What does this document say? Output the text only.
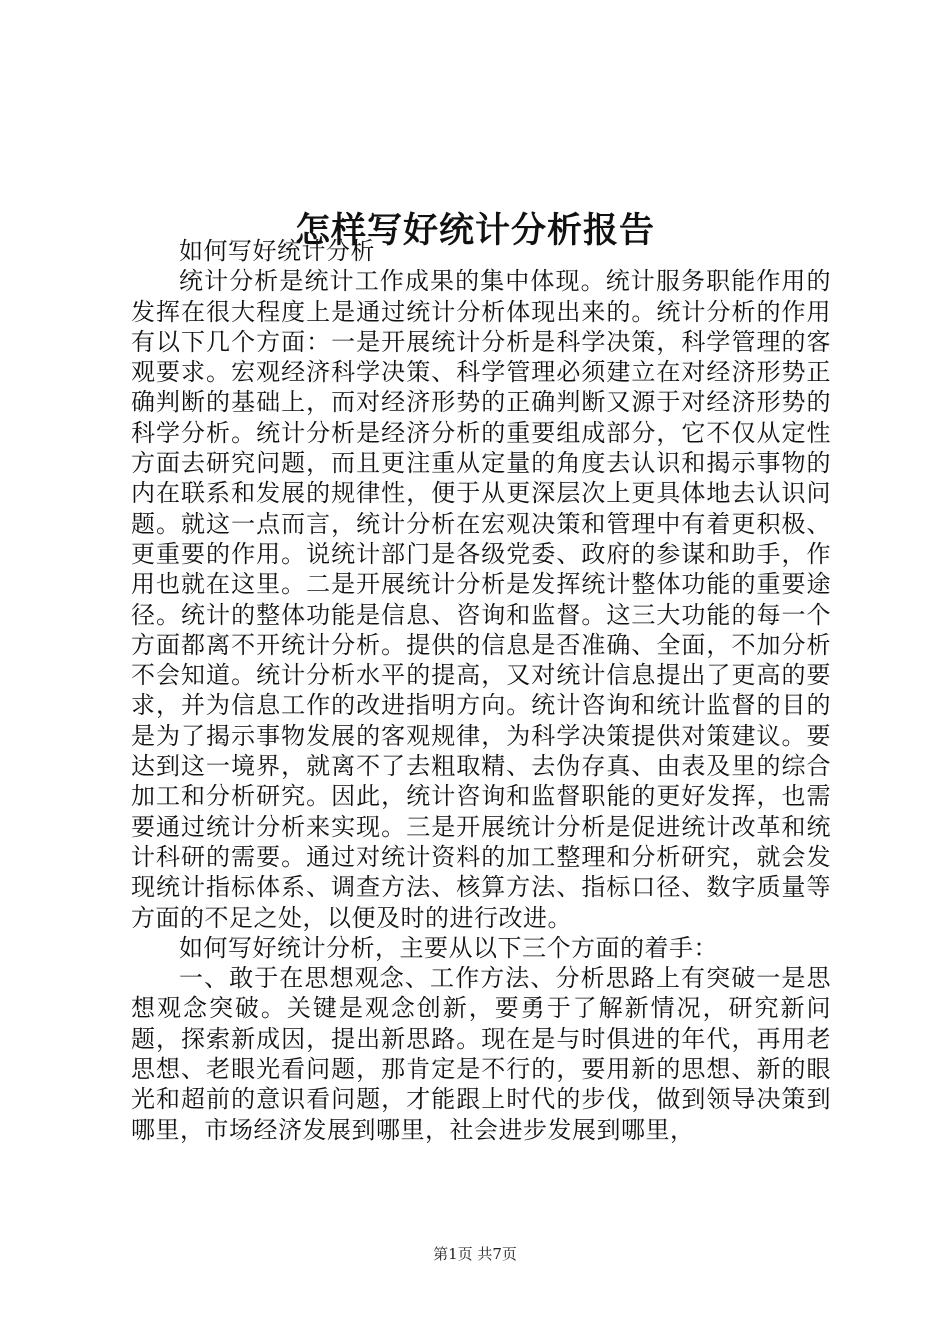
怎样写好统计分析报告

如何写好统计分析

统计分析是统计工作成果的集中体现。统计服务职能作用的发挥在很大程度上是通过统计分析体现出来的。统计分析的作用有以下几个方面：一是开展统计分析是科学决策，科学管理的客观要求。宏观经济科学决策、科学管理必须建立在对经济形势正确判断的基础上，而对经济形势的正确判断又源于对经济形势的科学分析。统计分析是经济分析的重要组成部分，它不仅从定性方面去研究问题，而且更注重从定量的角度去认识和揭示事物的内在联系和发展的规律性，便于从更深层次上更具体地去认识问题。就这一点而言，统计分析在宏观决策和管理中有着更积极、更重要的作用。说统计部门是各级党委、政府的参谋和助手，作用也就在这里。二是开展统计分析是发挥统计整体功能的重要途径。统计的整体功能是信息、咨询和监督。这三大功能的每一个方面都离不开统计分析。提供的信息是否准确、全面，不加分析不会知道。统计分析水平的提高，又对统计信息提出了更高的要求，并为信息工作的改进指明方向。统计咨询和统计监督的目的是为了揭示事物发展的客观规律，为科学决策提供对策建议。要达到这一境界，就离不了去粗取精、去伪存真、由表及里的综合加工和分析研究。因此，统计咨询和监督职能的更好发挥，也需要通过统计分析来实现。三是开展统计分析是促进统计改革和统计科研的需要。通过对统计资料的加工整理和分析研究，就会发现统计指标体系、调查方法、核算方法、指标口径、数字质量等方面的不足之处，以便及时的进行改进。

如何写好统计分析，主要从以下三个方面的着手：

一、敢于在思想观念、工作方法、分析思路上有突破一是思想观念突破。关键是观念创新，要勇于了解新情况，研究新问题，探索新成因，提出新思路。现在是与时俱进的年代，再用老思想、老眼光看问题，那肯定是不行的，要用新的思想、新的眼光和超前的意识看问题，才能跟上时代的步伐，做到领导决策到哪里，市场经济发展到哪里，社会进步发展到哪里，

第1页 共7页
